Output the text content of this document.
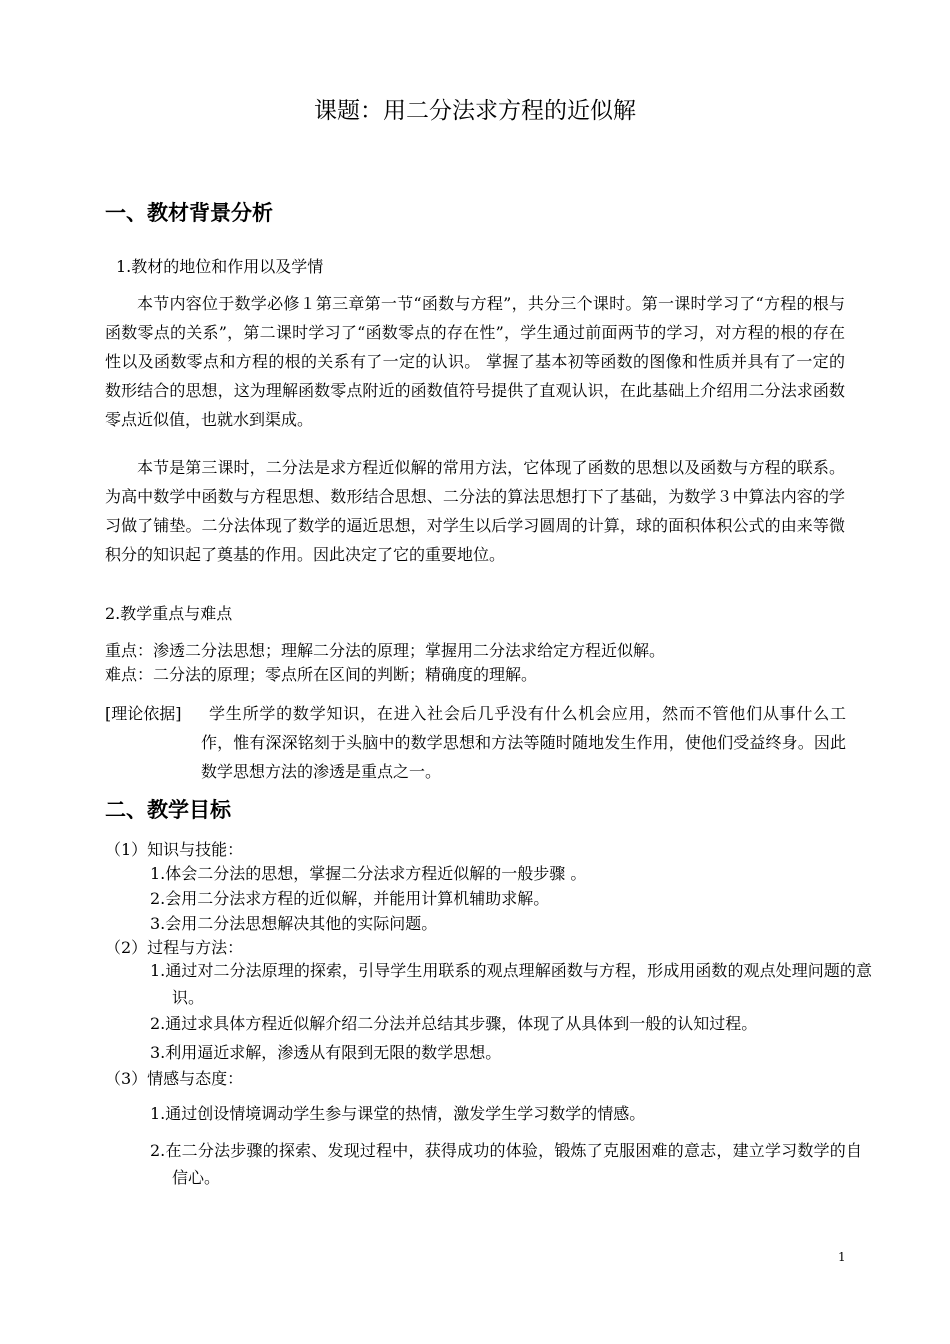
课题：用二分法求方程的近似解
一、教材背景分析
1.教材的地位和作用以及学情
本节内容位于数学必修１第三章第一节“函数与方程”，共分三个课时。第一课时学习了“方程的根与函数零点的关系”，第二课时学习了“函数零点的存在性”，学生通过前面两节的学习，对方程的根的存在性以及函数零点和方程的根的关系有了一定的认识。 掌握了基本初等函数的图像和性质并具有了一定的数形结合的思想，这为理解函数零点附近的函数值符号提供了直观认识，在此基础上介绍用二分法求函数零点近似值，也就水到渠成。
本节是第三课时，二分法是求方程近似解的常用方法，它体现了函数的思想以及函数与方程的联系。为高中数学中函数与方程思想、数形结合思想、二分法的算法思想打下了基础，为数学３中算法内容的学习做了铺垫。二分法体现了数学的逼近思想，对学生以后学习圆周的计算，球的面积体积公式的由来等微积分的知识起了奠基的作用。因此决定了它的重要地位。
2.教学重点与难点
重点：渗透二分法思想；理解二分法的原理；掌握用二分法求给定方程近似解。
难点：二分法的原理；零点所在区间的判断；精确度的理解。
[理论依据]	学生所学的数学知识，在进入社会后几乎没有什么机会应用，然而不管他们从事什么工作，惟有深深铭刻于头脑中的数学思想和方法等随时随地发生作用，使他们受益终身。因此数学思想方法的渗透是重点之一。
二、教学目标
（1）知识与技能：
1.体会二分法的思想，掌握二分法求方程近似解的一般步骤 。
2.会用二分法求方程的近似解，并能用计算机辅助求解。
3.会用二分法思想解决其他的实际问题。
（2）过程与方法：
1.通过对二分法原理的探索，引导学生用联系的观点理解函数与方程，形成用函数的观点处理问题的意识。
2.通过求具体方程近似解介绍二分法并总结其步骤，体现了从具体到一般的认知过程。
3.利用逼近求解，渗透从有限到无限的数学思想。
（3）情感与态度：
1.通过创设情境调动学生参与课堂的热情，激发学生学习数学的情感。
2.在二分法步骤的探索、发现过程中，获得成功的体验，锻炼了克服困难的意志，建立学习数学的自信心。
1
